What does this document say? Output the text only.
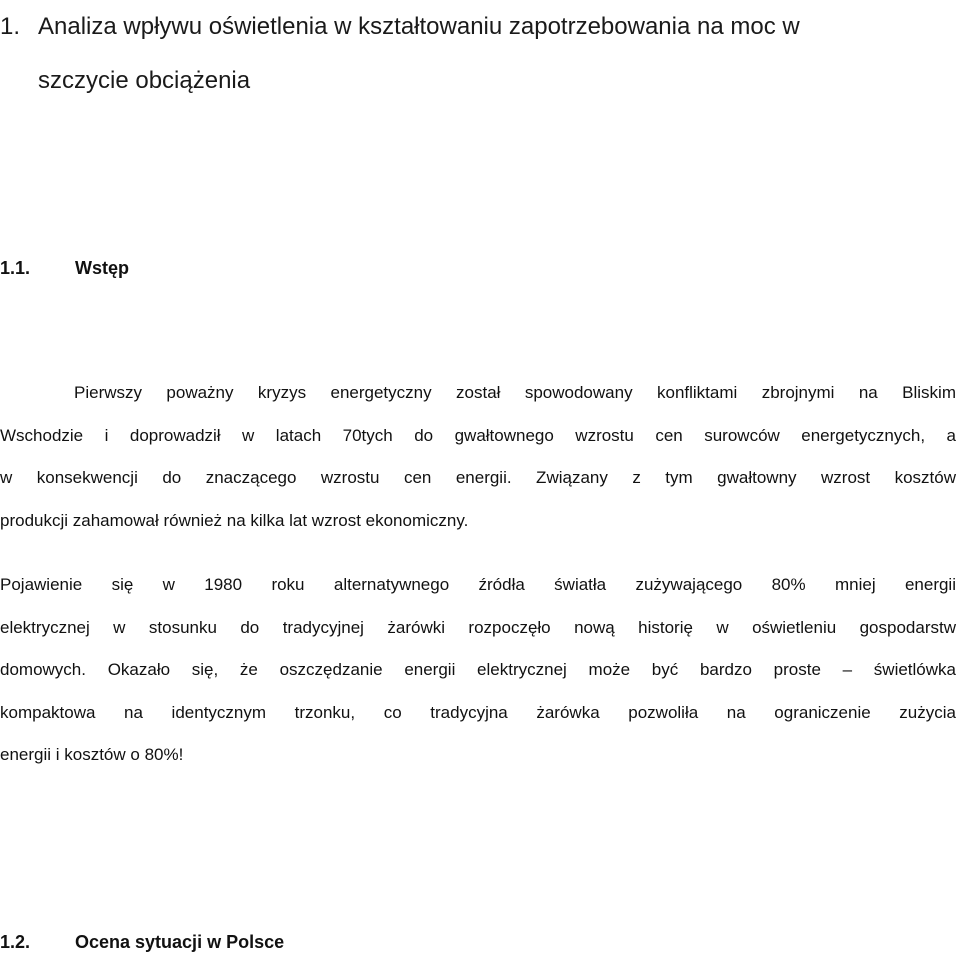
1. Analiza wpływu oświetlenia w kształtowaniu zapotrzebowania na moc w
szczycie obciążenia
1.1. Wstęp
Pierwszy poważny kryzys energetyczny został spowodowany konfliktami zbrojnymi na Bliskim
Wschodzie i doprowadził w latach 70tych do gwałtownego wzrostu cen surowców energetycznych, a
w konsekwencji do znaczącego wzrostu cen energii. Związany z tym gwałtowny wzrost kosztów
produkcji zahamował również na kilka lat wzrost ekonomiczny.
Pojawienie się w 1980 roku alternatywnego źródła światła zużywającego 80% mniej energii
elektrycznej w stosunku do tradycyjnej żarówki rozpoczęło nową historię w oświetleniu gospodarstw
domowych. Okazało się, że oszczędzanie energii elektrycznej może być bardzo proste – świetlówka
kompaktowa na identycznym trzonku, co tradycyjna żarówka pozwoliła na ograniczenie zużycia
energii i kosztów o 80%!
1.2. Ocena sytuacji w Polsce
